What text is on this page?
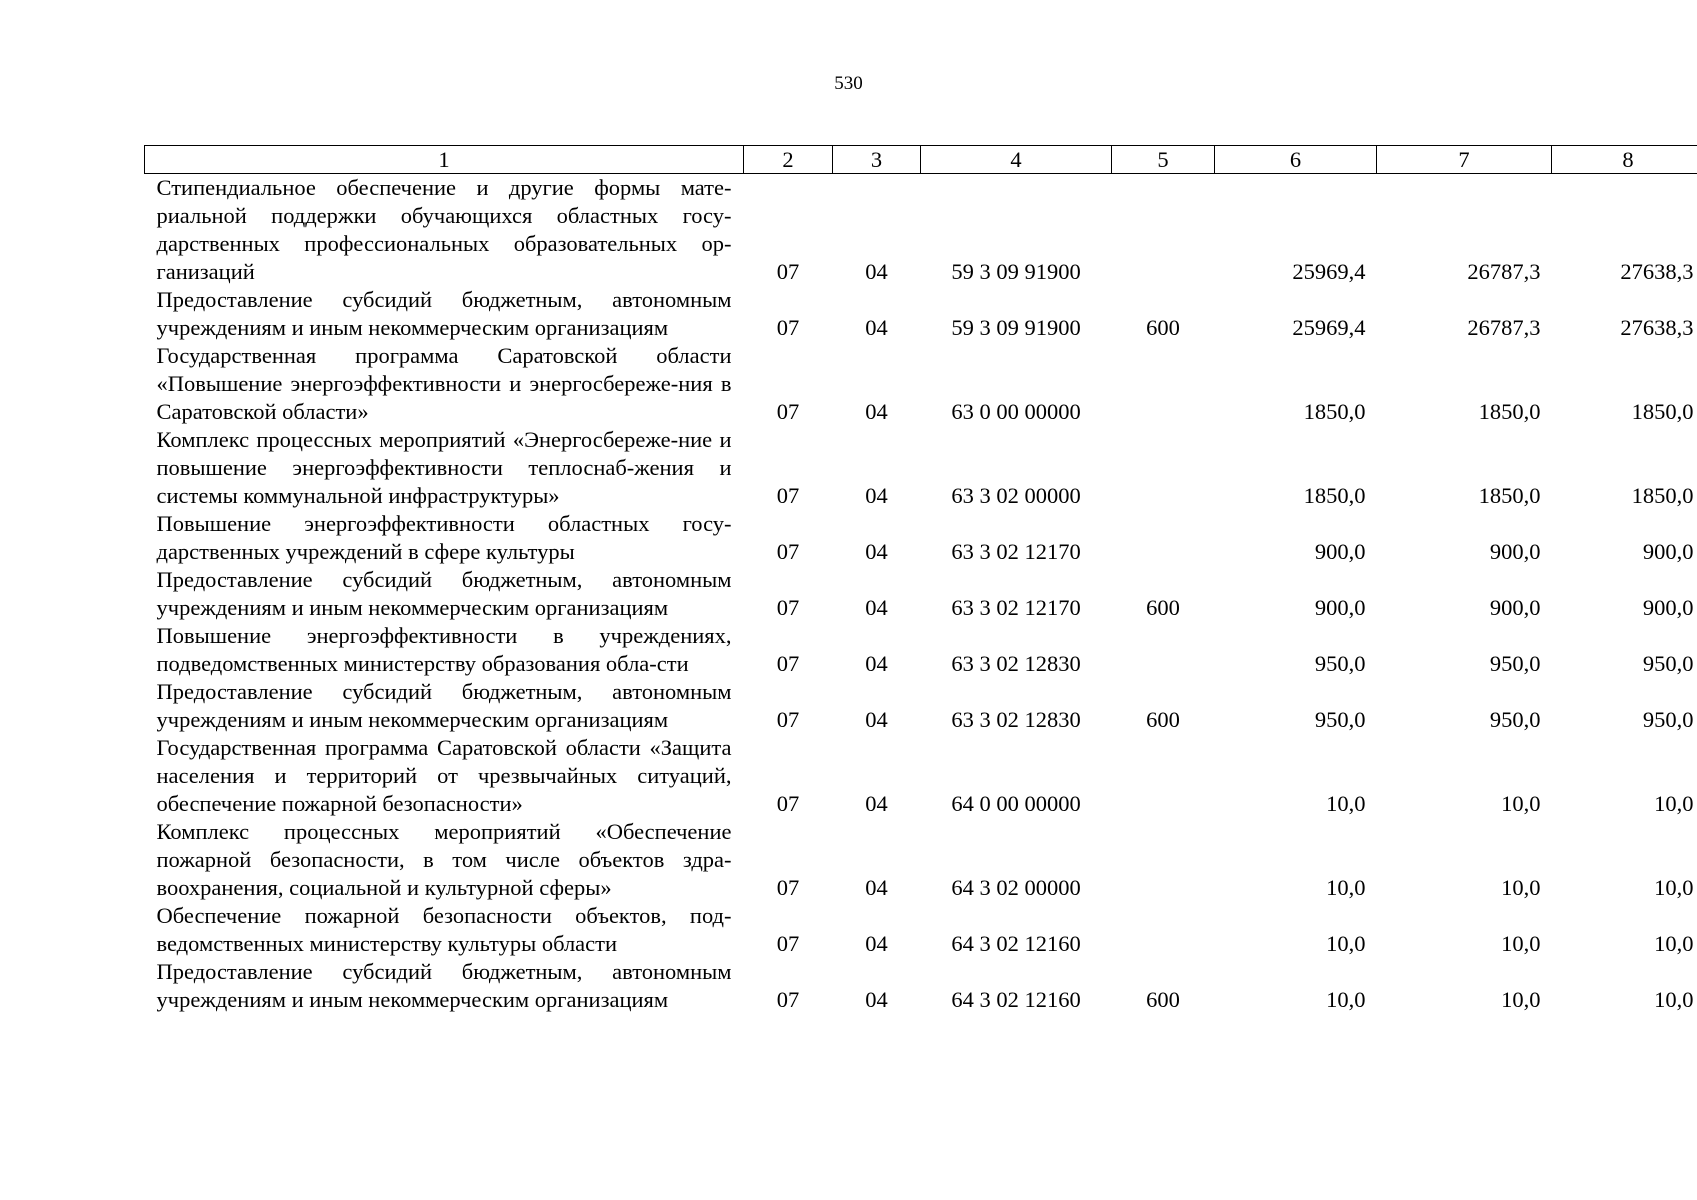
530
1	2	3	4	5	6	7	8
Стипендиальное обеспечение и другие формы мате-риальной поддержки обучающихся областных госу-дарственных профессиональных образовательных ор-ганизаций	07	04	59 3 09 91900		25969,4	26787,3	27638,3
Предоставление субсидий бюджетным, автономным учреждениям и иным некоммерческим организациям	07	04	59 3 09 91900	600	25969,4	26787,3	27638,3
Государственная программа Саратовской области «Повышение энергоэффективности и энергосбереже-ния в Саратовской области»	07	04	63 0 00 00000		1850,0	1850,0	1850,0
Комплекс процессных мероприятий «Энергосбереже-ние и повышение энергоэффективности теплоснаб-жения и системы коммунальной инфраструктуры»	07	04	63 3 02 00000		1850,0	1850,0	1850,0
Повышение энергоэффективности областных госу-дарственных учреждений в сфере культуры	07	04	63 3 02 12170		900,0	900,0	900,0
Предоставление субсидий бюджетным, автономным учреждениям и иным некоммерческим организациям	07	04	63 3 02 12170	600	900,0	900,0	900,0
Повышение энергоэффективности в учреждениях, подведомственных министерству образования обла-сти	07	04	63 3 02 12830		950,0	950,0	950,0
Предоставление субсидий бюджетным, автономным учреждениям и иным некоммерческим организациям	07	04	63 3 02 12830	600	950,0	950,0	950,0
Государственная программа Саратовской области «Защита населения и территорий от чрезвычайных ситуаций, обеспечение пожарной безопасности»	07	04	64 0 00 00000		10,0	10,0	10,0
Комплекс процессных мероприятий «Обеспечение пожарной безопасности, в том числе объектов здра-воохранения, социальной и культурной сферы»	07	04	64 3 02 00000		10,0	10,0	10,0
Обеспечение пожарной безопасности объектов, под-ведомственных министерству культуры области	07	04	64 3 02 12160		10,0	10,0	10,0
Предоставление субсидий бюджетным, автономным учреждениям и иным некоммерческим организациям	07	04	64 3 02 12160	600	10,0	10,0	10,0
